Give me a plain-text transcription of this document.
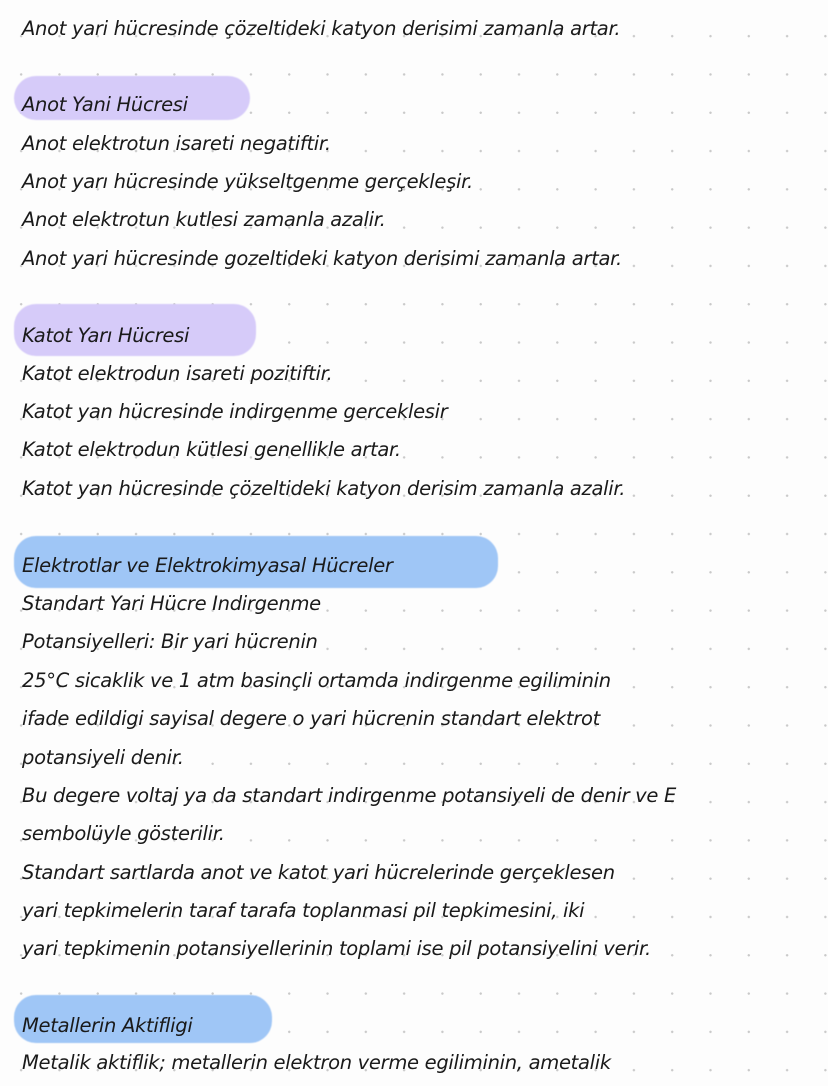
Anot yari hücresinde çözeltideki katyon derisimi zamanla artar.
Anot Yani Hücresi
Anot elektrotun isareti negatiftir.
Anot yarı hücresinde yükseltgenme gerçekleşir.
Anot elektrotun kutlesi zamanla azalir.
Anot yari hücresinde gozeltideki katyon derisimi zamanla artar.
Katot Yarı Hücresi
Katot elektrodun isareti pozitiftir.
Katot yan hücresinde indirgenme gerceklesir
Katot elektrodun kütlesi genellikle artar.
Katot yan hücresinde çözeltideki katyon derisim zamanla azalir.
Elektrotlar ve Elektrokimyasal Hücreler
Standart Yari Hücre Indirgenme
Potansiyelleri: Bir yari hücrenin
25°C sicaklik ve 1 atm basinçli ortamda indirgenme egiliminin
ifade edildigi sayisal degere o yari hücrenin standart elektrot
potansiyeli denir.
Bu degere voltaj ya da standart indirgenme potansiyeli de denir ve E
sembolüyle gösterilir.
Standart sartlarda anot ve katot yari hücrelerinde gerçeklesen
yari tepkimelerin taraf tarafa toplanmasi pil tepkimesini, iki
yari tepkimenin potansiyellerinin toplami ise pil potansiyelini verir.
Metallerin Aktifligi
Metalik aktiflik; metallerin elektron verme egiliminin, ametalik
